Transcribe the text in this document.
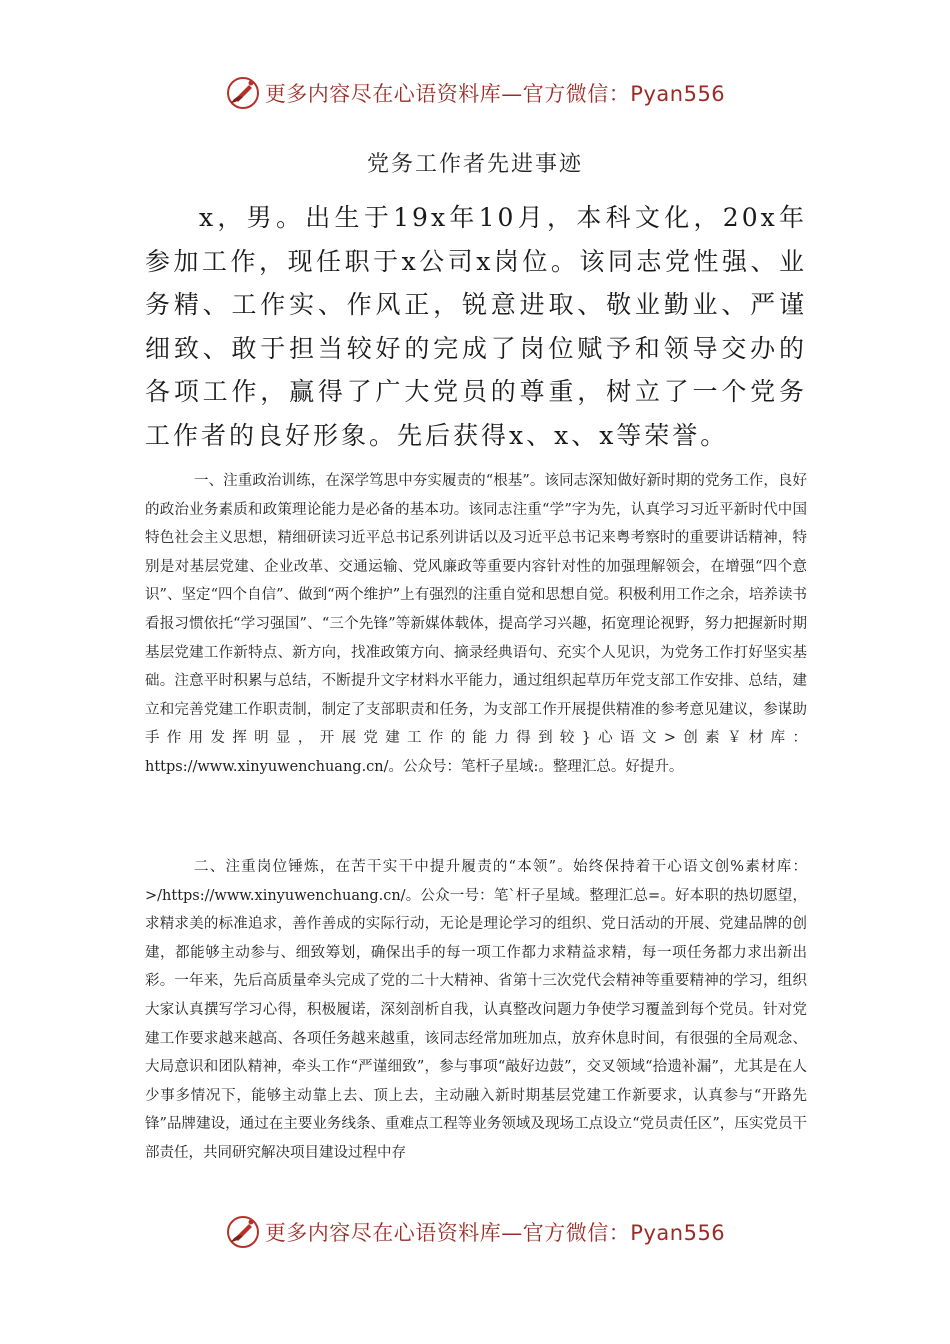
更多内容尽在心语资料库—官方微信：Pyan556
党务工作者先进事迹

x，男。出生于19x年10月，本科文化，20x年参加工作，现任职于x公司x岗位。该同志党性强、业务精、工作实、作风正，锐意进取、敬业勤业、严谨细致、敢于担当较好的完成了岗位赋予和领导交办的各项工作，赢得了广大党员的尊重，树立了一个党务工作者的良好形象。先后获得x、x、x等荣誉。

一、注重政治训练，在深学笃思中夯实履责的“根基”。该同志深知做好新时期的党务工作，良好的政治业务素质和政策理论能力是必备的基本功。该同志注重“学”字为先，认真学习习近平新时代中国特色社会主义思想，精细研读习近平总书记系列讲话以及习近平总书记来粤考察时的重要讲话精神，特别是对基层党建、企业改革、交通运输、党风廉政等重要内容针对性的加强理解领会，在增强“四个意识”、坚定“四个自信”、做到“两个维护”上有强烈的注重自觉和思想自觉。积极利用工作之余，培养读书看报习惯依托“学习强国”、“三个先锋”等新媒体载体，提高学习兴趣，拓宽理论视野，努力把握新时期基层党建工作新特点、新方向，找准政策方向、摘录经典语句、充实个人见识，为党务工作打好坚实基础。注意平时积累与总结，不断提升文字材料水平能力，通过组织起草历年党支部工作安排、总结，建立和完善党建工作职责制，制定了支部职责和任务，为支部工作开展提供精准的参考意见建议，参谋助手作用发挥明显，开展党建工作的能力得到较}心语文>创素￥材库：https://www.xinyuwenchuang.cn/。公众号：笔杆子星域:。整理汇总。好提升。

二、注重岗位锤炼，在苦干实干中提升履责的“本领”。始终保持着干心语文创%素材库：>/https://www.xinyuwenchuang.cn/。公众一号：笔`杆子星域。整理汇总=。好本职的热切愿望，求精求美的标准追求，善作善成的实际行动，无论是理论学习的组织、党日活动的开展、党建品牌的创建，都能够主动参与、细致筹划，确保出手的每一项工作都力求精益求精，每一项任务都力求出新出彩。一年来，先后高质量牵头完成了党的二十大精神、省第十三次党代会精神等重要精神的学习，组织大家认真撰写学习心得，积极履诺，深刻剖析自我，认真整改问题力争使学习覆盖到每个党员。针对党建工作要求越来越高、各项任务越来越重，该同志经常加班加点，放弃休息时间，有很强的全局观念、大局意识和团队精神，牵头工作“严谨细致”，参与事项“敲好边鼓”，交叉领域“拾遗补漏”，尤其是在人少事多情况下，能够主动靠上去、顶上去，主动融入新时期基层党建工作新要求，认真参与“开路先锋”品牌建设，通过在主要业务线条、重难点工程等业务领域及现场工点设立“党员责任区”，压实党员干部责任，共同研究解决项目建设过程中存

更多内容尽在心语资料库—官方微信：Pyan556
